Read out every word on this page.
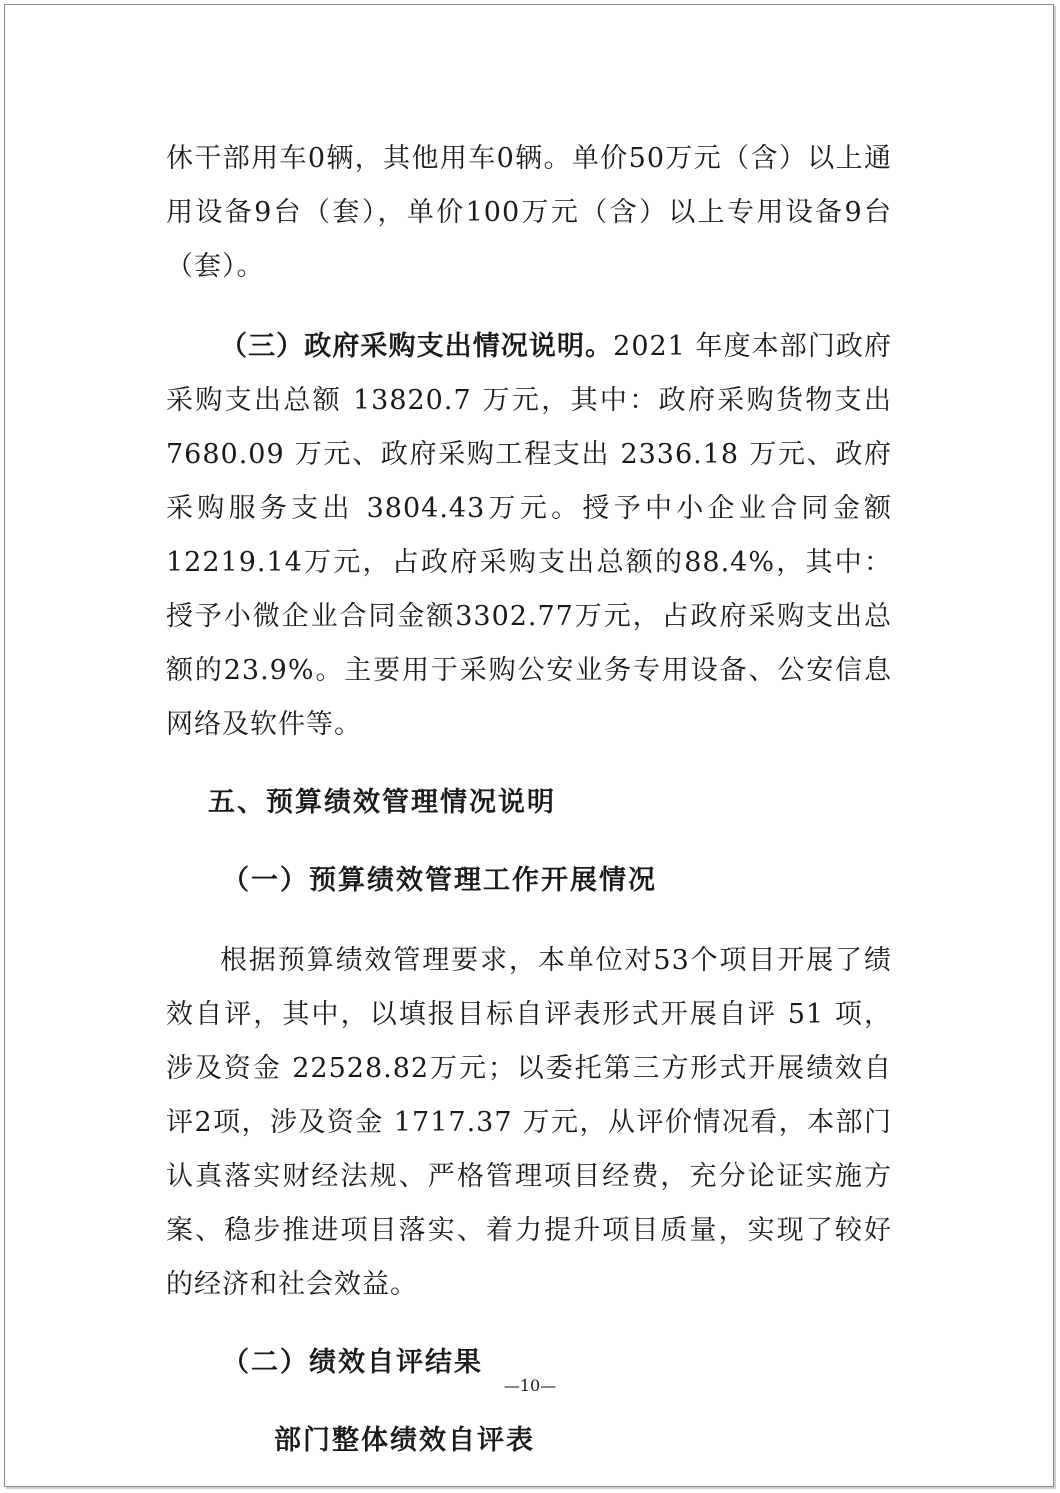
休干部用车0辆，其他用车0辆。单价50万元（含）以上通用设备9台（套），单价100万元（含）以上专用设备9台（套）。

（三）政府采购支出情况说明。2021 年度本部门政府采购支出总额 13820.7 万元，其中：政府采购货物支出 7680.09 万元、政府采购工程支出 2336.18 万元、政府采购服务支出 3804.43万元。授予中小企业合同金额12219.14万元，占政府采购支出总额的88.4%，其中：授予小微企业合同金额3302.77万元，占政府采购支出总额的23.9%。主要用于采购公安业务专用设备、公安信息网络及软件等。

五、预算绩效管理情况说明

（一）预算绩效管理工作开展情况

根据预算绩效管理要求，本单位对53个项目开展了绩效自评，其中，以填报目标自评表形式开展自评 51 项，涉及资金 22528.82万元；以委托第三方形式开展绩效自评2项，涉及资金 1717.37 万元，从评价情况看，本部门认真落实财经法规、严格管理项目经费，充分论证实施方案、稳步推进项目落实、着力提升项目质量，实现了较好的经济和社会效益。

（二）绩效自评结果

部门整体绩效自评表

—10—
